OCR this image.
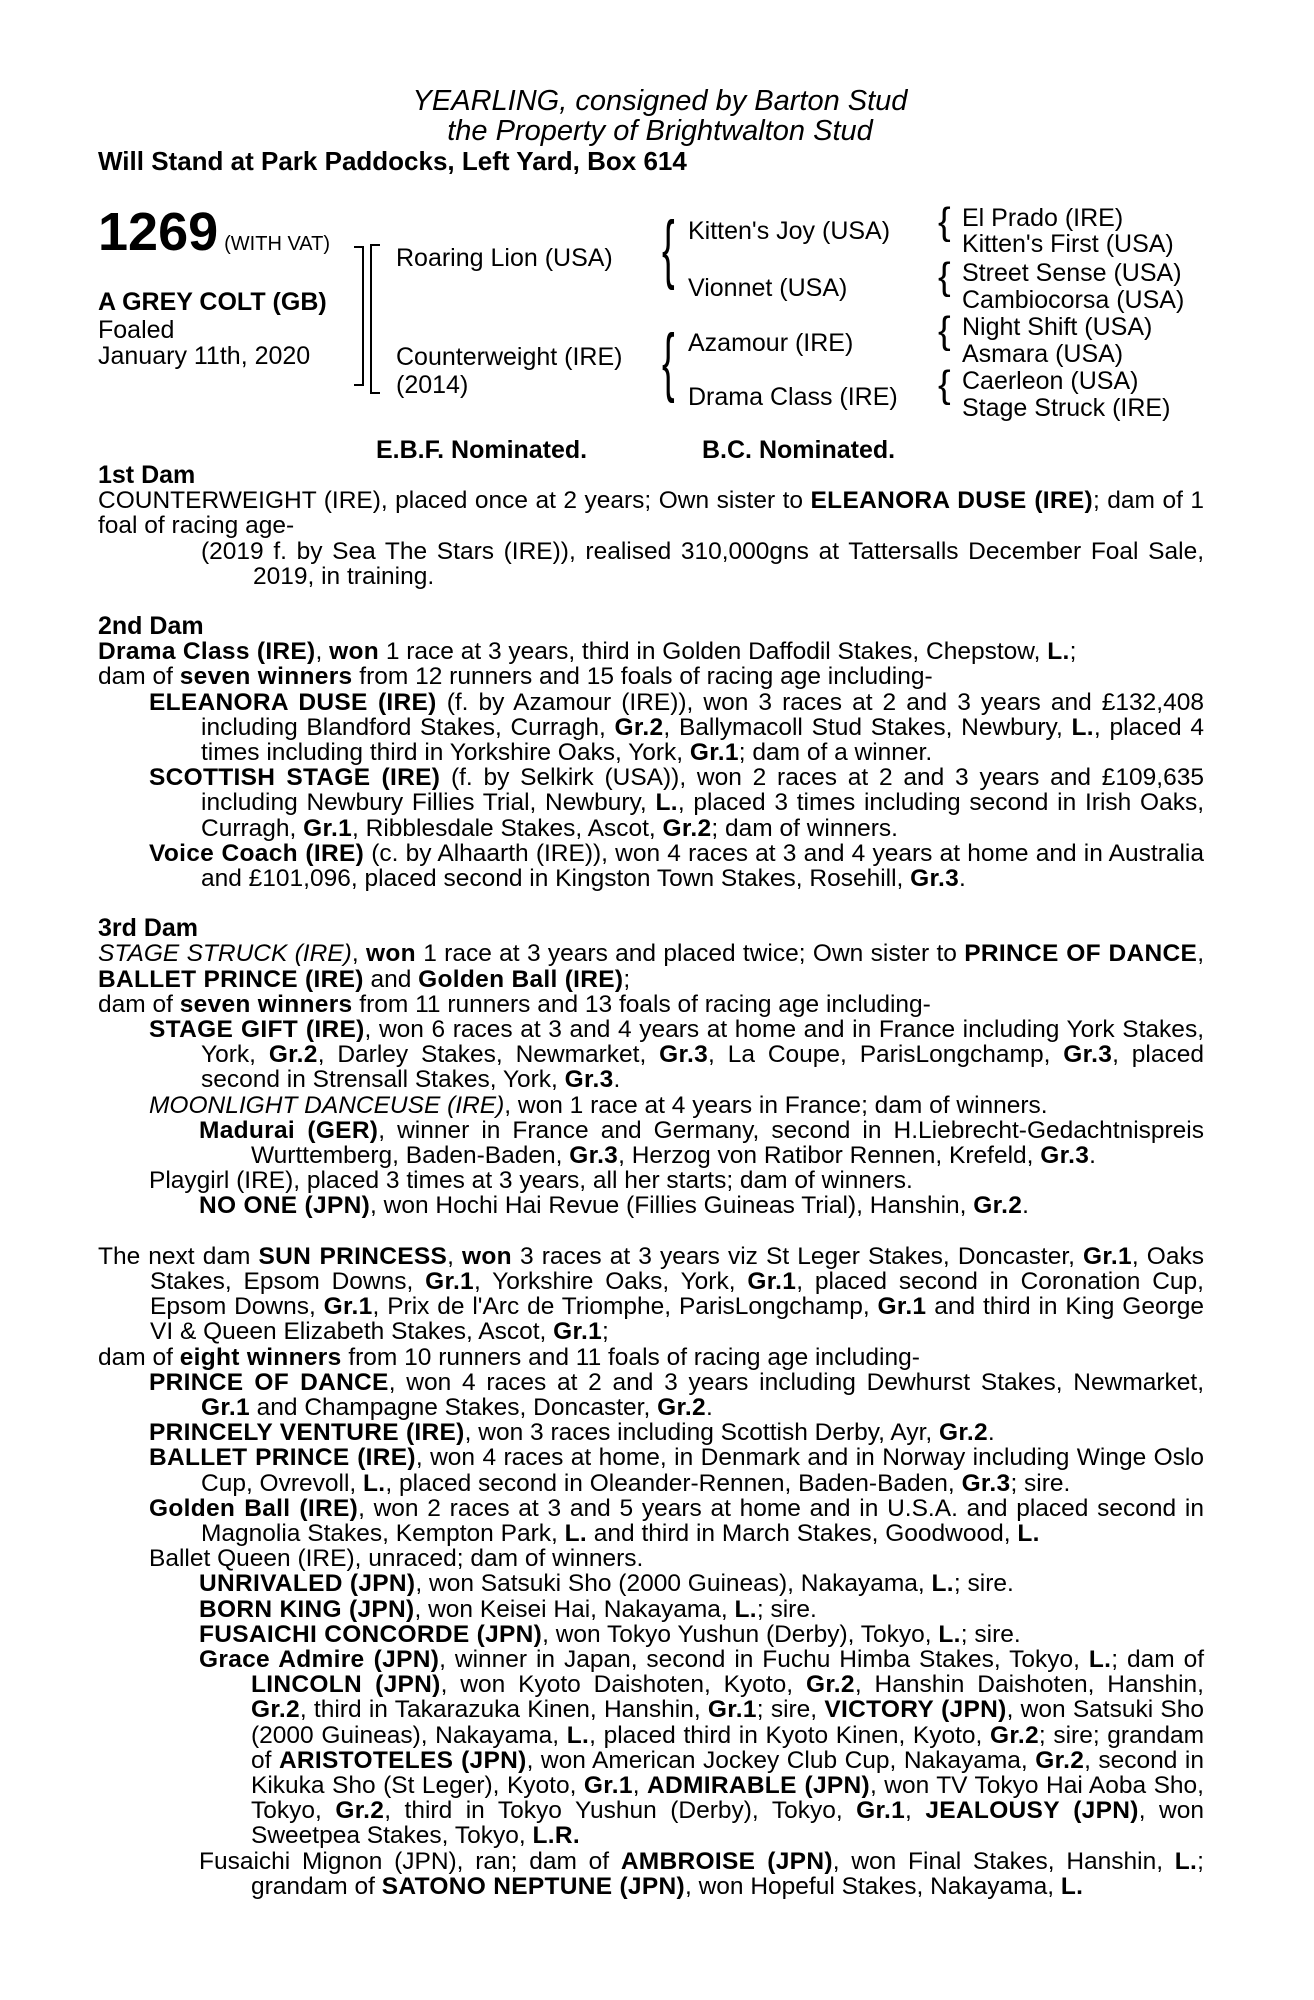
YEARLING, consigned by Barton Stud
the Property of Brightwalton Stud
Will Stand at Park Paddocks, Left Yard, Box 614
1269 (WITH VAT)
A GREY COLT (GB)
Foaled
January 11th, 2020
Roaring Lion (USA)
Counterweight (IRE)
(2014)
{
{
Kitten's Joy (USA)
Vionnet (USA)
Azamour (IRE)
Drama Class (IRE)
{
{
{
{
El Prado (IRE)
Kitten's First (USA)
Street Sense (USA)
Cambiocorsa (USA)
Night Shift (USA)
Asmara (USA)
Caerleon (USA)
Stage Struck (IRE)
E.B.F. Nominated.	B.C. Nominated.

1st Dam

COUNTERWEIGHT (IRE), placed once at 2 years; Own sister to ELEANORA DUSE (IRE); dam of 1 foal of racing age-

(2019 f. by Sea The Stars (IRE)), realised 310,000gns at Tattersalls December Foal Sale, 2019, in training.

2nd Dam

Drama Class (IRE), won 1 race at 3 years, third in Golden Daffodil Stakes, Chepstow, L.;

dam of seven winners from 12 runners and 15 foals of racing age including-

ELEANORA DUSE (IRE) (f. by Azamour (IRE)), won 3 races at 2 and 3 years and £132,408 including Blandford Stakes, Curragh, Gr.2, Ballymacoll Stud Stakes, Newbury, L., placed 4 times including third in Yorkshire Oaks, York, Gr.1; dam of a winner.

SCOTTISH STAGE (IRE) (f. by Selkirk (USA)), won 2 races at 2 and 3 years and £109,635 including Newbury Fillies Trial, Newbury, L., placed 3 times including second in Irish Oaks, Curragh, Gr.1, Ribblesdale Stakes, Ascot, Gr.2; dam of winners.

Voice Coach (IRE) (c. by Alhaarth (IRE)), won 4 races at 3 and 4 years at home and in Australia and £101,096, placed second in Kingston Town Stakes, Rosehill, Gr.3.

3rd Dam

STAGE STRUCK (IRE), won 1 race at 3 years and placed twice; Own sister to PRINCE OF DANCE, BALLET PRINCE (IRE) and Golden Ball (IRE);

dam of seven winners from 11 runners and 13 foals of racing age including-

STAGE GIFT (IRE), won 6 races at 3 and 4 years at home and in France including York Stakes, York, Gr.2, Darley Stakes, Newmarket, Gr.3, La Coupe, ParisLongchamp, Gr.3, placed second in Strensall Stakes, York, Gr.3.

MOONLIGHT DANCEUSE (IRE), won 1 race at 4 years in France; dam of winners.

Madurai (GER), winner in France and Germany, second in H.Liebrecht-Gedachtnispreis Wurttemberg, Baden-Baden, Gr.3, Herzog von Ratibor Rennen, Krefeld, Gr.3.

Playgirl (IRE), placed 3 times at 3 years, all her starts; dam of winners.

NO ONE (JPN), won Hochi Hai Revue (Fillies Guineas Trial), Hanshin, Gr.2.

The next dam SUN PRINCESS, won 3 races at 3 years viz St Leger Stakes, Doncaster, Gr.1, Oaks Stakes, Epsom Downs, Gr.1, Yorkshire Oaks, York, Gr.1, placed second in Coronation Cup, Epsom Downs, Gr.1, Prix de l'Arc de Triomphe, ParisLongchamp, Gr.1 and third in King George VI & Queen Elizabeth Stakes, Ascot, Gr.1;

dam of eight winners from 10 runners and 11 foals of racing age including-

PRINCE OF DANCE, won 4 races at 2 and 3 years including Dewhurst Stakes, Newmarket, Gr.1 and Champagne Stakes, Doncaster, Gr.2.

PRINCELY VENTURE (IRE), won 3 races including Scottish Derby, Ayr, Gr.2.

BALLET PRINCE (IRE), won 4 races at home, in Denmark and in Norway including Winge Oslo Cup, Ovrevoll, L., placed second in Oleander-Rennen, Baden-Baden, Gr.3; sire.

Golden Ball (IRE), won 2 races at 3 and 5 years at home and in U.S.A. and placed second in Magnolia Stakes, Kempton Park, L. and third in March Stakes, Goodwood, L.

Ballet Queen (IRE), unraced; dam of winners.

UNRIVALED (JPN), won Satsuki Sho (2000 Guineas), Nakayama, L.; sire.

BORN KING (JPN), won Keisei Hai, Nakayama, L.; sire.

FUSAICHI CONCORDE (JPN), won Tokyo Yushun (Derby), Tokyo, L.; sire.

Grace Admire (JPN), winner in Japan, second in Fuchu Himba Stakes, Tokyo, L.; dam of LINCOLN (JPN), won Kyoto Daishoten, Kyoto, Gr.2, Hanshin Daishoten, Hanshin, Gr.2, third in Takarazuka Kinen, Hanshin, Gr.1; sire, VICTORY (JPN), won Satsuki Sho (2000 Guineas), Nakayama, L., placed third in Kyoto Kinen, Kyoto, Gr.2; sire; grandam of ARISTOTELES (JPN), won American Jockey Club Cup, Nakayama, Gr.2, second in Kikuka Sho (St Leger), Kyoto, Gr.1, ADMIRABLE (JPN), won TV Tokyo Hai Aoba Sho, Tokyo, Gr.2, third in Tokyo Yushun (Derby), Tokyo, Gr.1, JEALOUSY (JPN), won Sweetpea Stakes, Tokyo, L.R.

Fusaichi Mignon (JPN), ran; dam of AMBROISE (JPN), won Final Stakes, Hanshin, L.; grandam of SATONO NEPTUNE (JPN), won Hopeful Stakes, Nakayama, L.
